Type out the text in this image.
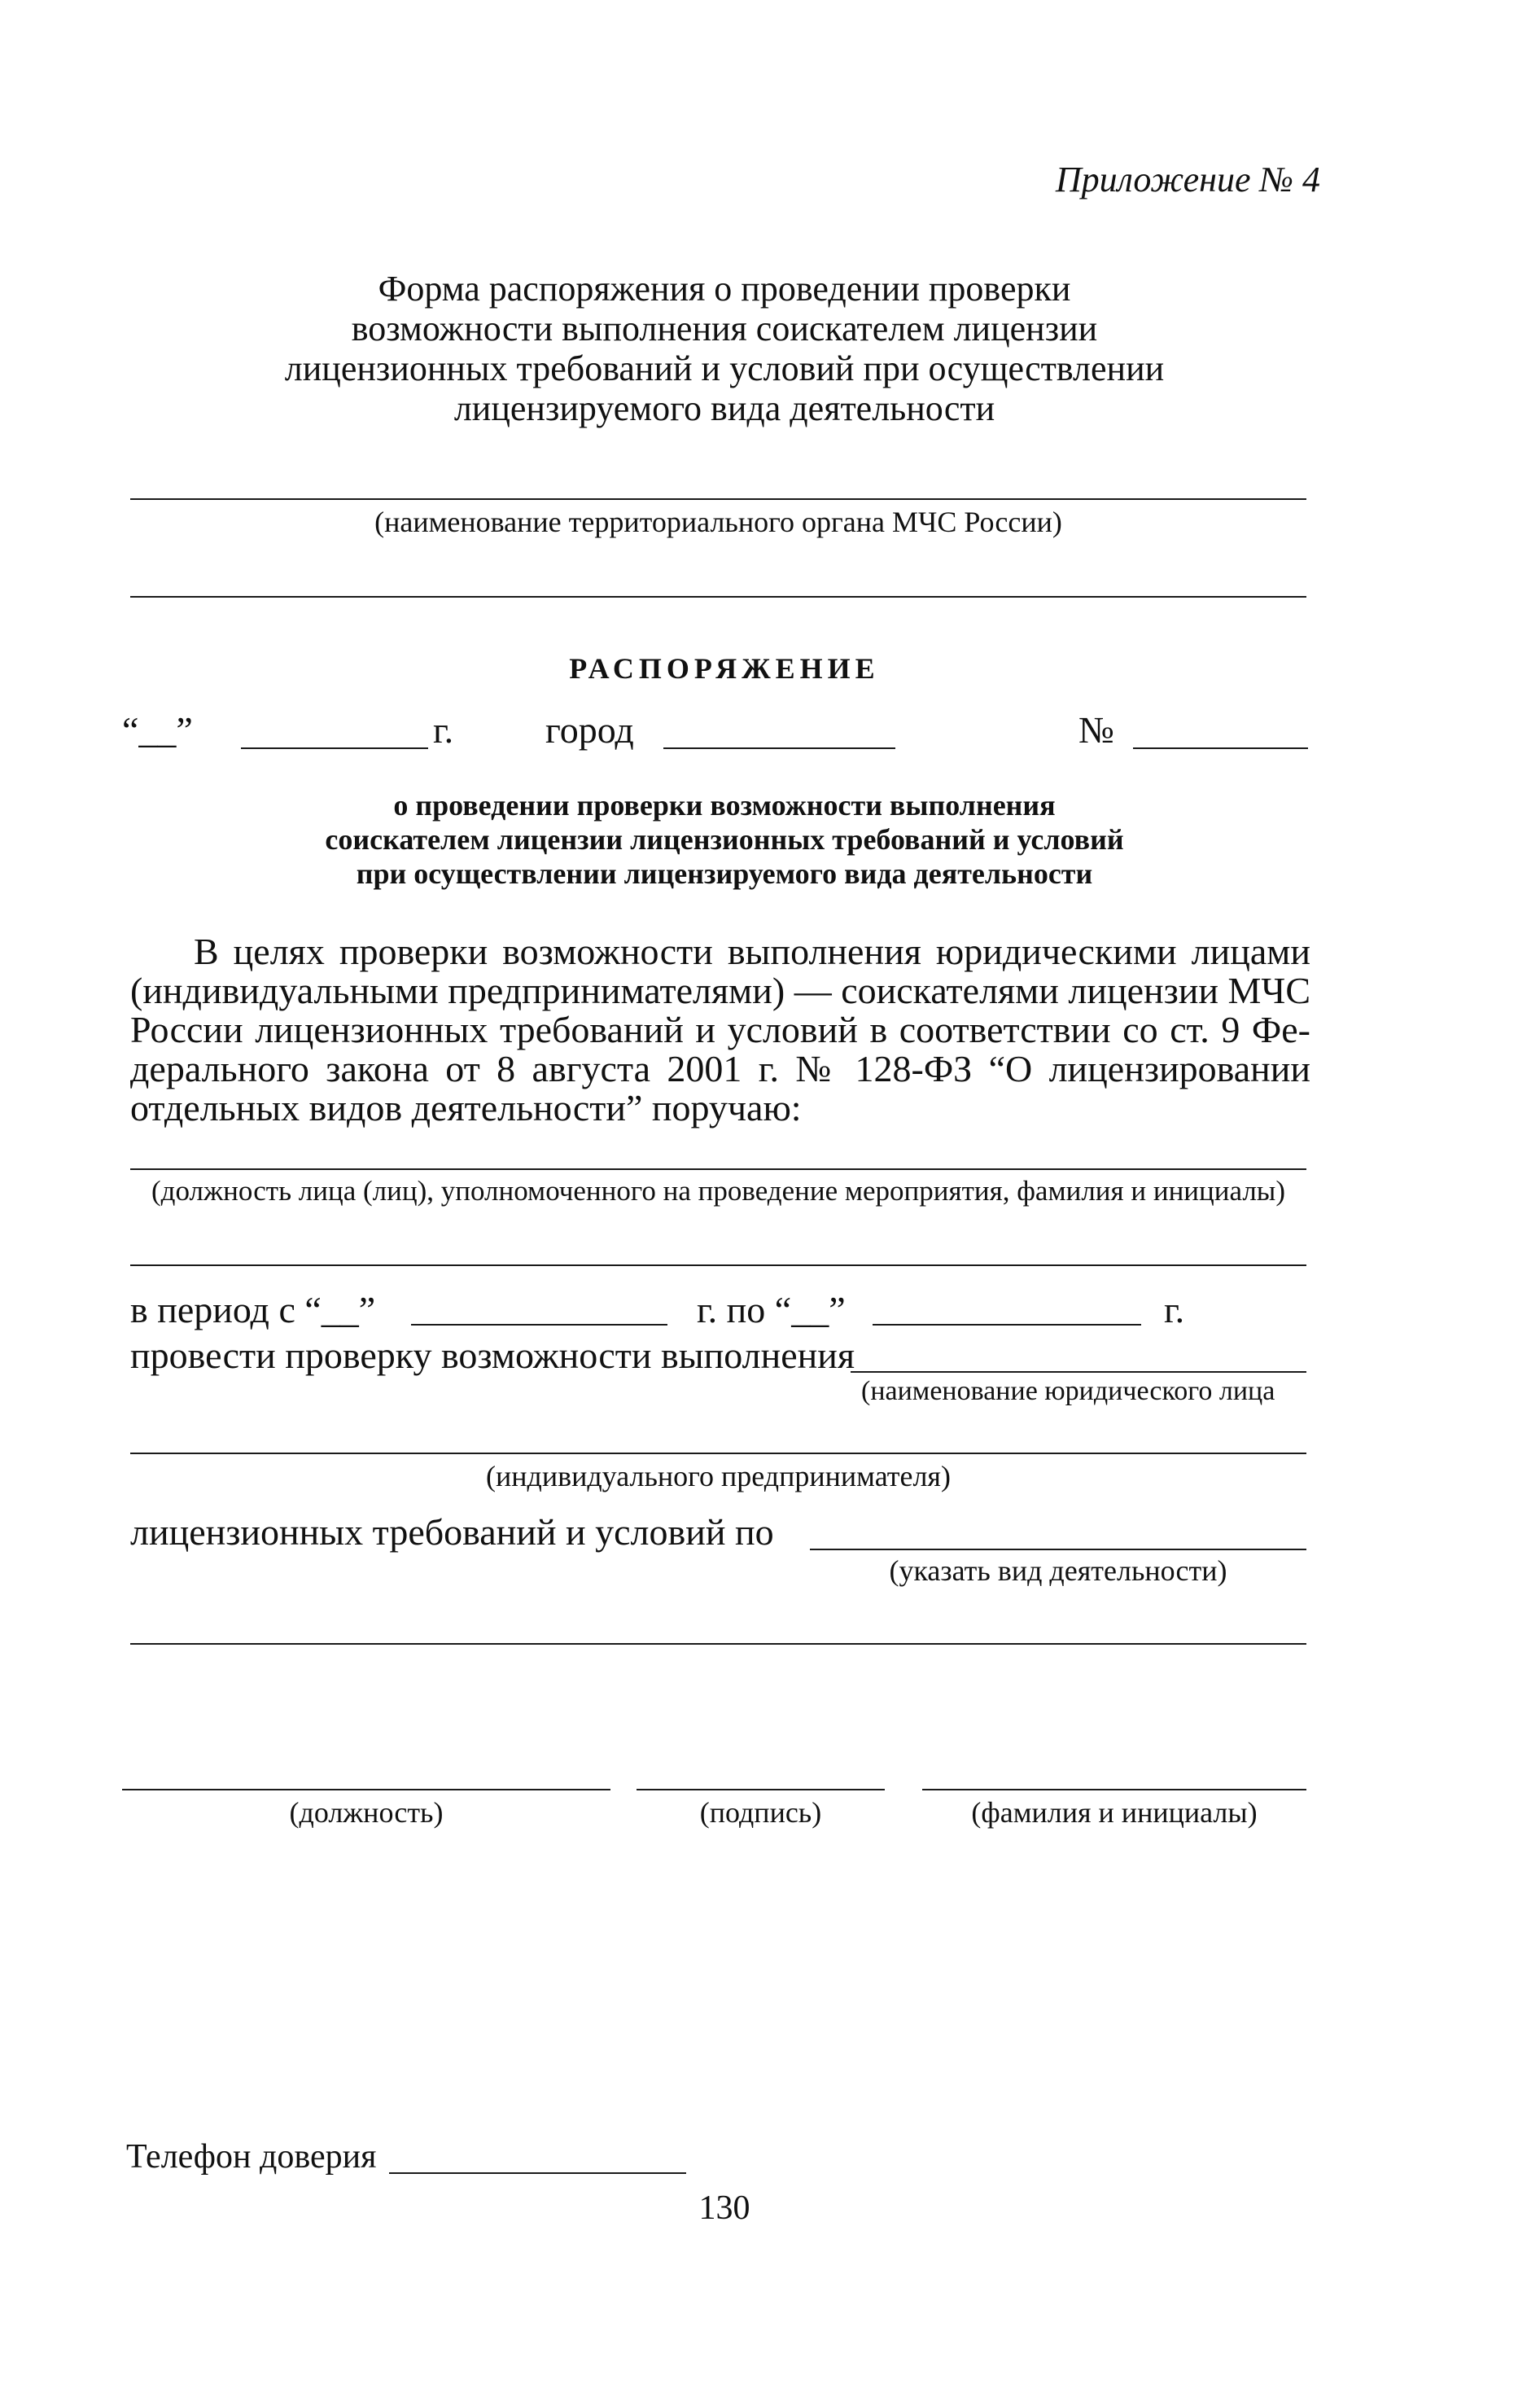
Приложение № 4
Форма распоряжения о проведении проверки
возможности выполнения соискателем лицензии
лицензионных требований и условий при осуществлении
лицензируемого вида деятельности
(наименование территориального органа МЧС России)
РАСПОРЯЖЕНИЕ
“__”	г. город	№
о проведении проверки возможности выполнения
соискателем лицензии лицензионных требований и условий
при осуществлении лицензируемого вида деятельности
В целях проверки возможности выполнения юридическими лицами
(индивидуальными предпринимателями) — соискателями лицензии МЧС
России лицензионных требований и условий в соответствии со ст. 9 Фе-
дерального закона от 8 августа 2001 г. № 128-ФЗ “О лицензировании
отдельных видов деятельности” поручаю:
(должность лица (лиц), уполномоченного на проведение мероприятия, фамилия и инициалы)
в период с “__”	г. по “__”	г.
провести проверку возможности выполнения
(наименование юридического лица
(индивидуального предпринимателя)
лицензионных требований и условий по
(указать вид деятельности)
(должность)	(подпись)	(фамилия и инициалы)
Телефон доверия
130
